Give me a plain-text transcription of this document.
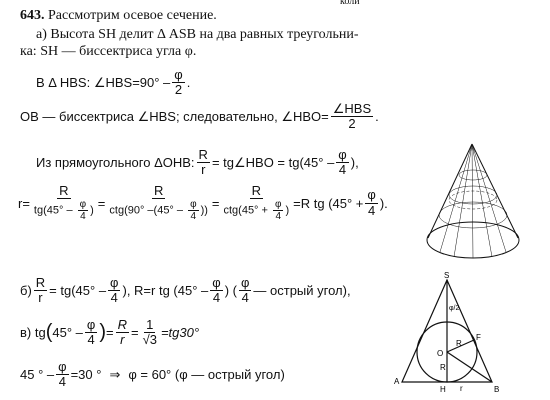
коли
643. Рассмотрим осевое сечение.
а) Высота SH делит Δ ASB на два равных треугольни-
ка: SH — биссектриса угла φ.
В Δ HBS: ∠HBS=90° – $\frac{\varphi}{2}$ .
OB — биссектриса ∠HBS; следовательно, ∠HBO= $\frac{\text{∠HBS}}{2}$ .
Из прямоугольного ΔOHB: $\frac{R}{r}$ = tg∠HBO = $tg(45^\circ - \frac{\varphi}{4}$ ),
$r= \frac{R}{tg(45^\circ - \frac{\varphi}{4} )} = \frac{R}{ctg(90^\circ -(45^\circ - \frac{\varphi}{4} ))} = \frac{R}{ctg(45^\circ + \frac{\varphi}{4} )} =R$ tg ($45^\circ + \frac{\varphi}{4}$ ).
$б) \frac{R}{r} = tg(45^\circ - \frac{\varphi}{4}$ ), R=r tg ($45^\circ - \frac{\varphi}{4}$ ) ( $\frac{\varphi}{4}$ — острый угол),
в) tg ( $45^\circ - \frac{\varphi}{4}$ ) = $\frac{R}{r} = \frac{1}{√3} =tg30^\circ$
45 ° – $\frac{\varphi}{4} =30$ ° ⇒ φ = 60° (φ — острый угол)
S
A
B
H
O
F
R
R
r
φ/2
